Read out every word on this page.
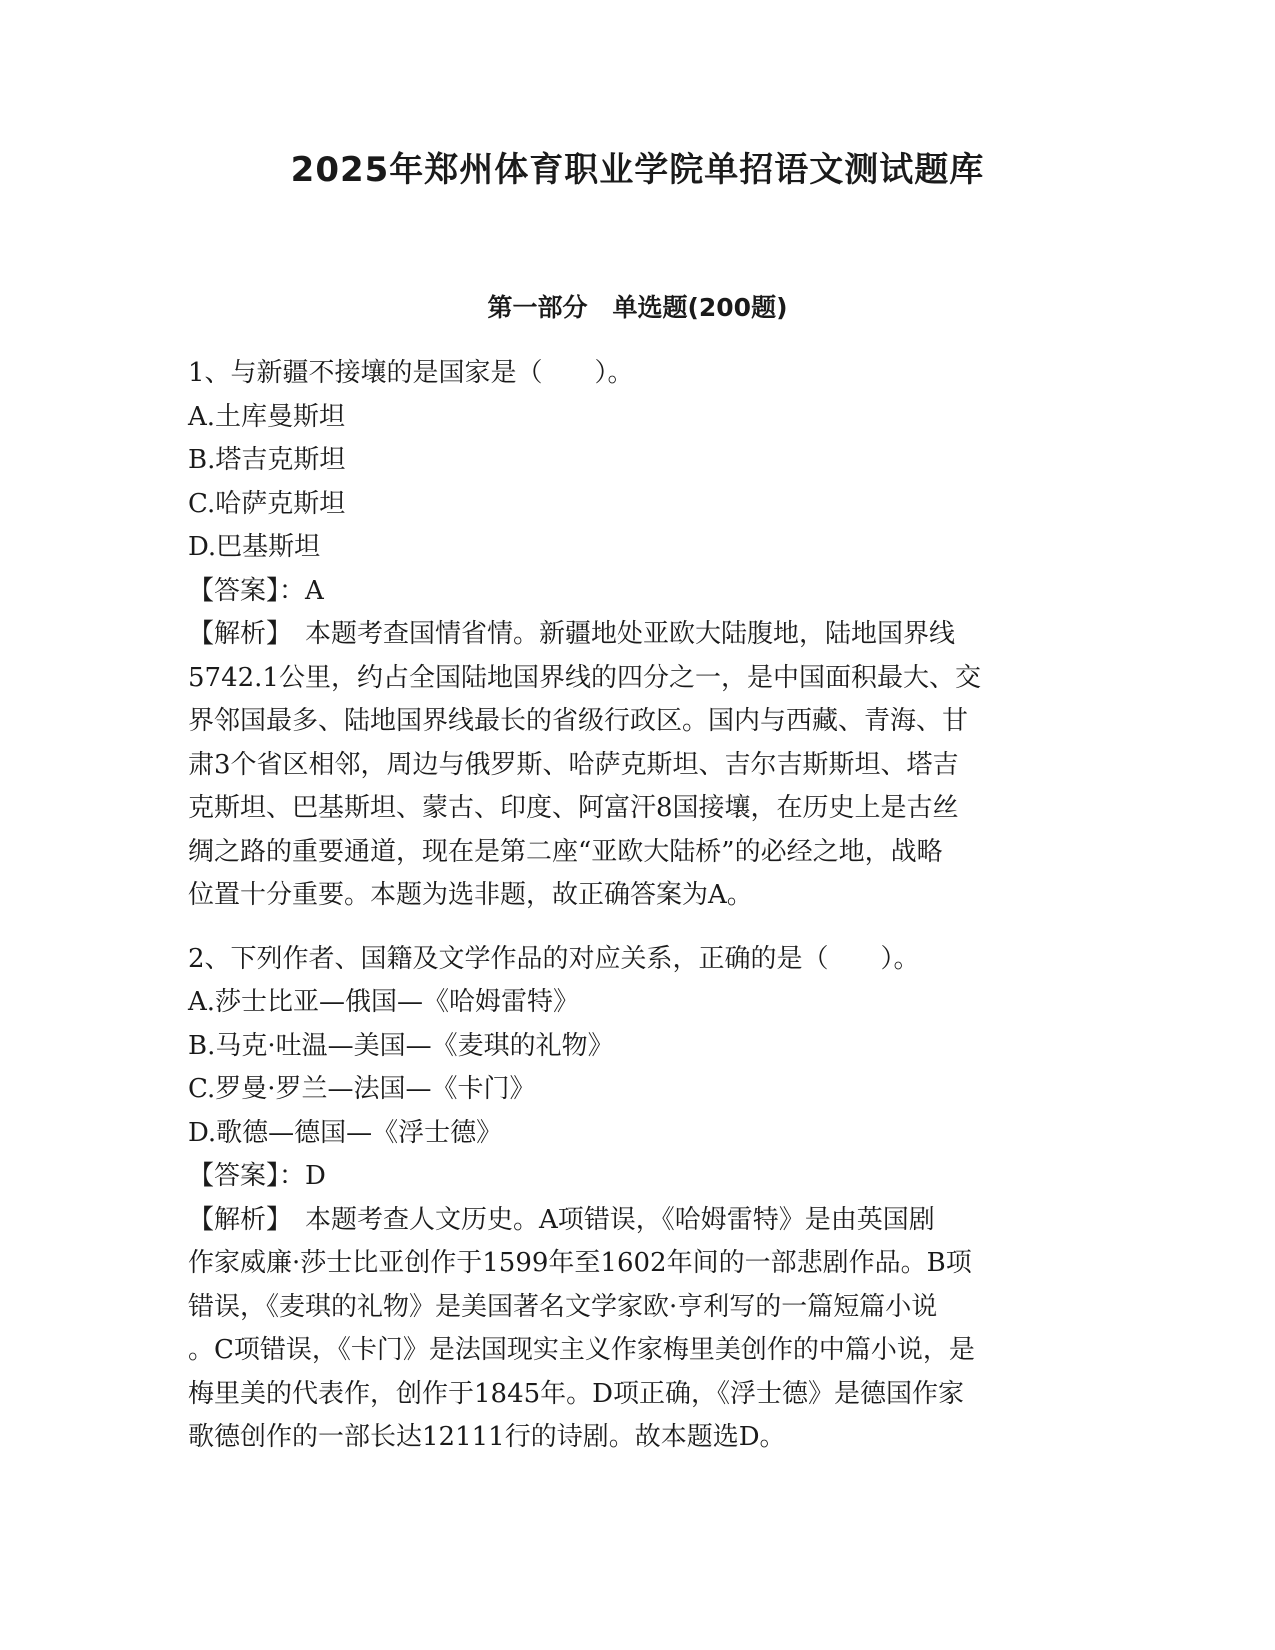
2025年郑州体育职业学院单招语文测试题库
第一部分　单选题(200题)
1、与新疆不接壤的是国家是（　　）。
A.土库曼斯坦
B.塔吉克斯坦
C.哈萨克斯坦
D.巴基斯坦
【答案】：A
【解析】　本题考查国情省情。新疆地处亚欧大陆腹地，陆地国界线
5742.1公里，约占全国陆地国界线的四分之一，是中国面积最大、交
界邻国最多、陆地国界线最长的省级行政区。国内与西藏、青海、甘
肃3个省区相邻，周边与俄罗斯、哈萨克斯坦、吉尔吉斯斯坦、塔吉
克斯坦、巴基斯坦、蒙古、印度、阿富汗8国接壤，在历史上是古丝
绸之路的重要通道，现在是第二座“亚欧大陆桥”的必经之地，战略
位置十分重要。本题为选非题，故正确答案为A。
2、下列作者、国籍及文学作品的对应关系，正确的是（　　）。
A.莎士比亚—俄国—《哈姆雷特》
B.马克·吐温—美国—《麦琪的礼物》
C.罗曼·罗兰—法国—《卡门》
D.歌德—德国—《浮士德》
【答案】：D
【解析】　本题考查人文历史。A项错误，《哈姆雷特》是由英国剧
作家威廉·莎士比亚创作于1599年至1602年间的一部悲剧作品。B项
错误，《麦琪的礼物》是美国著名文学家欧·亨利写的一篇短篇小说
。C项错误，《卡门》是法国现实主义作家梅里美创作的中篇小说，是
梅里美的代表作，创作于1845年。D项正确，《浮士德》是德国作家
歌德创作的一部长达12111行的诗剧。故本题选D。
